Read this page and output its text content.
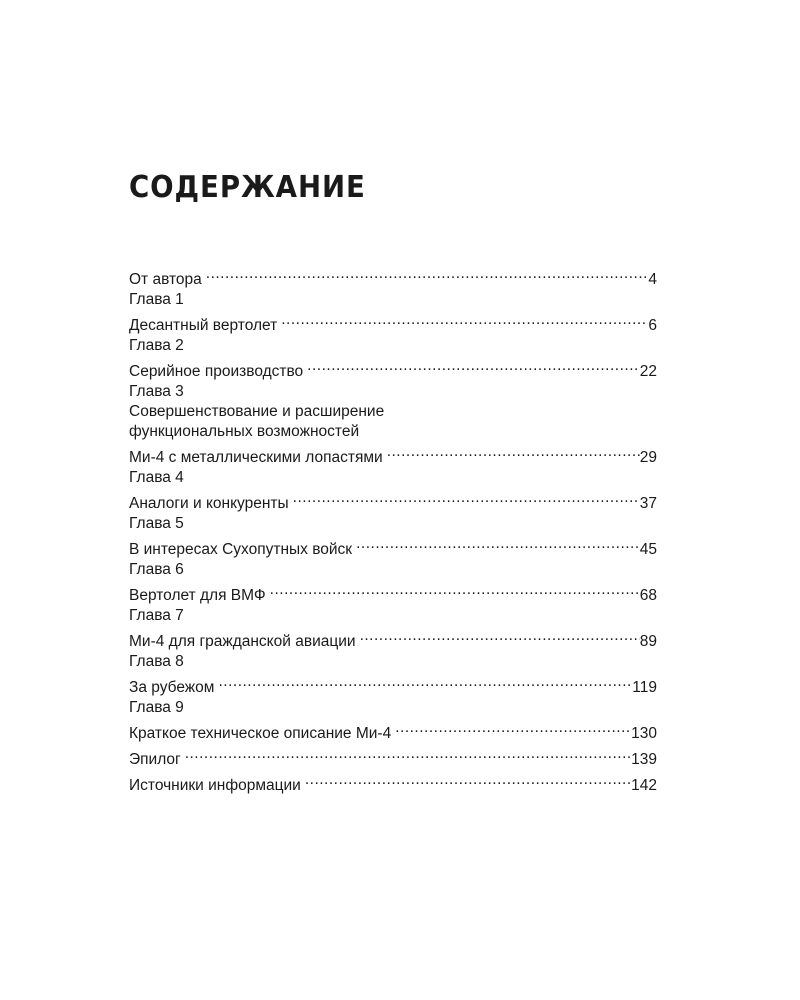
СОДЕРЖАНИЕ
От автора .....	4
Глава 1
Десантный вертолет .....	6
Глава 2
Серийное производство .....	22
Глава 3
Совершенствование и расширение
функциональных возможностей
Ми-4 с металлическими лопастями .....	29
Глава 4
Аналоги и конкуренты .....	37
Глава 5
В интересах Сухопутных войск .....	45
Глава 6
Вертолет для ВМФ .....	68
Глава 7
Ми-4 для гражданской авиации .....	89
Глава 8
За рубежом .....	119
Глава 9
Краткое техническое описание Ми-4 .....	130
Эпилог .....	139
Источники информации .....	142
